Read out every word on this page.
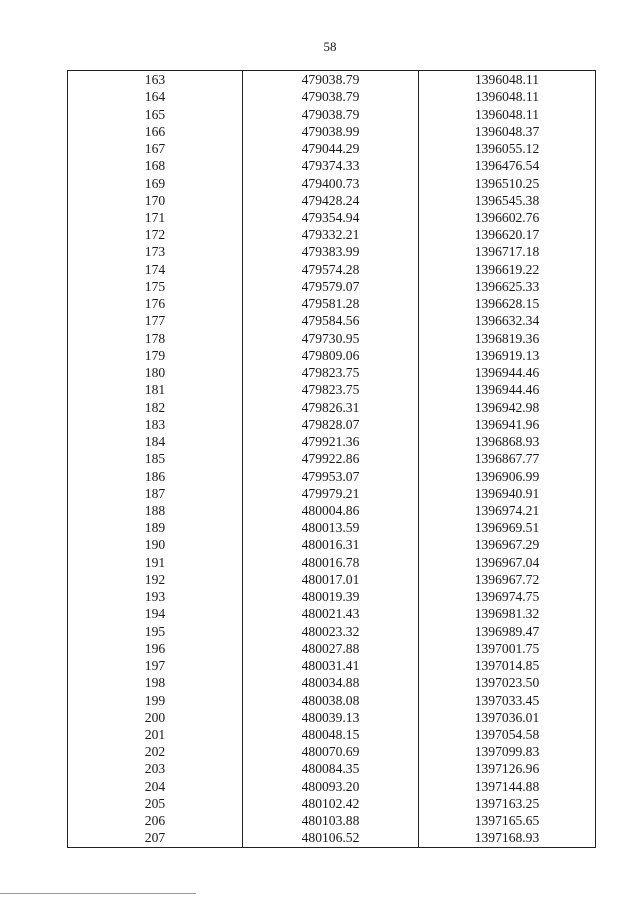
58
163	479038.79	1396048.11
164	479038.79	1396048.11
165	479038.79	1396048.11
166	479038.99	1396048.37
167	479044.29	1396055.12
168	479374.33	1396476.54
169	479400.73	1396510.25
170	479428.24	1396545.38
171	479354.94	1396602.76
172	479332.21	1396620.17
173	479383.99	1396717.18
174	479574.28	1396619.22
175	479579.07	1396625.33
176	479581.28	1396628.15
177	479584.56	1396632.34
178	479730.95	1396819.36
179	479809.06	1396919.13
180	479823.75	1396944.46
181	479823.75	1396944.46
182	479826.31	1396942.98
183	479828.07	1396941.96
184	479921.36	1396868.93
185	479922.86	1396867.77
186	479953.07	1396906.99
187	479979.21	1396940.91
188	480004.86	1396974.21
189	480013.59	1396969.51
190	480016.31	1396967.29
191	480016.78	1396967.04
192	480017.01	1396967.72
193	480019.39	1396974.75
194	480021.43	1396981.32
195	480023.32	1396989.47
196	480027.88	1397001.75
197	480031.41	1397014.85
198	480034.88	1397023.50
199	480038.08	1397033.45
200	480039.13	1397036.01
201	480048.15	1397054.58
202	480070.69	1397099.83
203	480084.35	1397126.96
204	480093.20	1397144.88
205	480102.42	1397163.25
206	480103.88	1397165.65
207	480106.52	1397168.93
